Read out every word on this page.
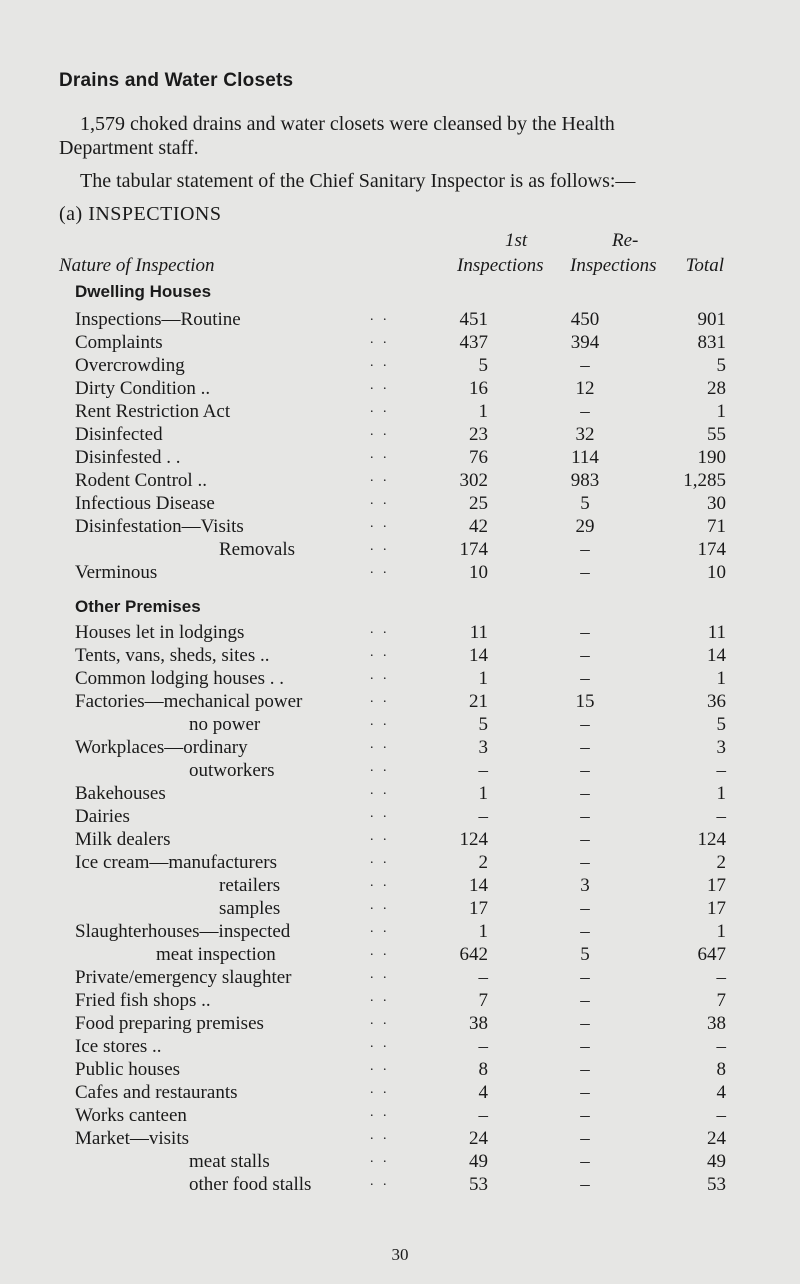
Drains and Water Closets
1,579 choked drains and water closets were cleansed by the Health
Department staff.
The tabular statement of the Chief Sanitary Inspector is as follows:—
(a) INSPECTIONS
1st	Re-
Nature of Inspection	Inspections Inspections	Total
Dwelling Houses
Inspections—Routine	. .	451	450	901
Complaints	. .	437	394	831
Overcrowding	. .	5	–	5
Dirty Condition ..	. .	16	12	28
Rent Restriction Act	. .	1	–	1
Disinfected	. .	23	32	55
Disinfested . .	. .	76	114	190
Rodent Control ..	. .	302	983	1,285
Infectious Disease	. .	25	5	30
Disinfestation—Visits	. .	42	29	71
Removals	. .	174	–	174
Verminous	. .	10	–	10
Other Premises
Houses let in lodgings	. .	11	–	11
Tents, vans, sheds, sites ..	. .	14	–	14
Common lodging houses . .	. .	1	–	1
Factories—mechanical power	. .	21	15	36
no power	. .	5	–	5
Workplaces—ordinary	. .	3	–	3
outworkers	. .	–	–	–
Bakehouses	. .	1	–	1
Dairies	. .	–	–	–
Milk dealers	. .	124	–	124
Ice cream—manufacturers	. .	2	–	2
retailers	. .	14	3	17
samples	. .	17	–	17
Slaughterhouses—inspected	. .	1	–	1
meat inspection	. .	642	5	647
Private/emergency slaughter	. .	–	–	–
Fried fish shops ..	. .	7	–	7
Food preparing premises	. .	38	–	38
Ice stores ..	. .	–	–	–
Public houses	. .	8	–	8
Cafes and restaurants	. .	4	–	4
Works canteen	. .	–	–	–
Market—visits	. .	24	–	24
meat stalls	. .	49	–	49
other food stalls	. .	53	–	53
30
